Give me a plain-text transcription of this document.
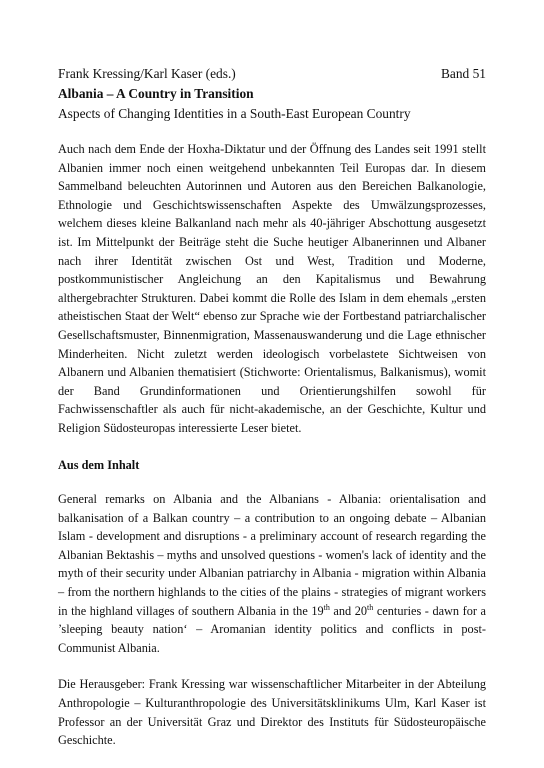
Frank Kressing/Karl Kaser (eds.)	Band 51
Albania – A Country in Transition
Aspects of Changing Identities in a South-East European Country
Auch nach dem Ende der Hoxha-Diktatur und der Öffnung des Landes seit 1991 stellt Albanien immer noch einen weitgehend unbekannten Teil Europas dar. In diesem Sammelband beleuchten Autorinnen und Autoren aus den Bereichen Balkanologie, Ethnologie und Geschichtswissenschaften Aspekte des Umwälzungsprozesses, welchem dieses kleine Balkanland nach mehr als 40-jähriger Abschottung ausgesetzt ist. Im Mittelpunkt der Beiträge steht die Suche heutiger Albanerinnen und Albaner nach ihrer Identität zwischen Ost und West, Tradition und Moderne, postkommunistischer Angleichung an den Kapitalismus und Bewahrung althergebrachter Strukturen. Dabei kommt die Rolle des Islam in dem ehemals „ersten atheistischen Staat der Welt“ ebenso zur Sprache wie der Fortbestand patriarchalischer Gesellschaftsmuster, Binnenmigration, Massenauswanderung und die Lage ethnischer Minderheiten. Nicht zuletzt werden ideologisch vorbelastete Sichtweisen von Albanern und Albanien thematisiert (Stichworte: Orientalismus, Balkanismus), womit der Band Grundinformationen und Orientierungshilfen sowohl für Fachwissenschaftler als auch für nicht-akademische, an der Geschichte, Kultur und Religion Südosteuropas interessierte Leser bietet.
Aus dem Inhalt
General remarks on Albania and the Albanians - Albania: orientalisation and balkanisation of a Balkan country – a contribution to an ongoing debate – Albanian Islam - development and disruptions - a preliminary account of research regarding the Albanian Bektashis – myths and unsolved questions - women's lack of identity and the myth of their security under Albanian patriarchy in Albania - migration within Albania – from the northern highlands to the cities of the plains - strategies of migrant workers in the highland villages of southern Albania in the 19th and 20th centuries - dawn for a ’sleeping beauty nation‘ – Aromanian identity politics and conflicts in post-Communist Albania.
Die Herausgeber: Frank Kressing war wissenschaftlicher Mitarbeiter in der Abteilung Anthropologie – Kulturanthropologie des Universitätsklinikums Ulm, Karl Kaser ist Professor an der Universität Graz und Direktor des Instituts für Südosteuropäische Geschichte.
